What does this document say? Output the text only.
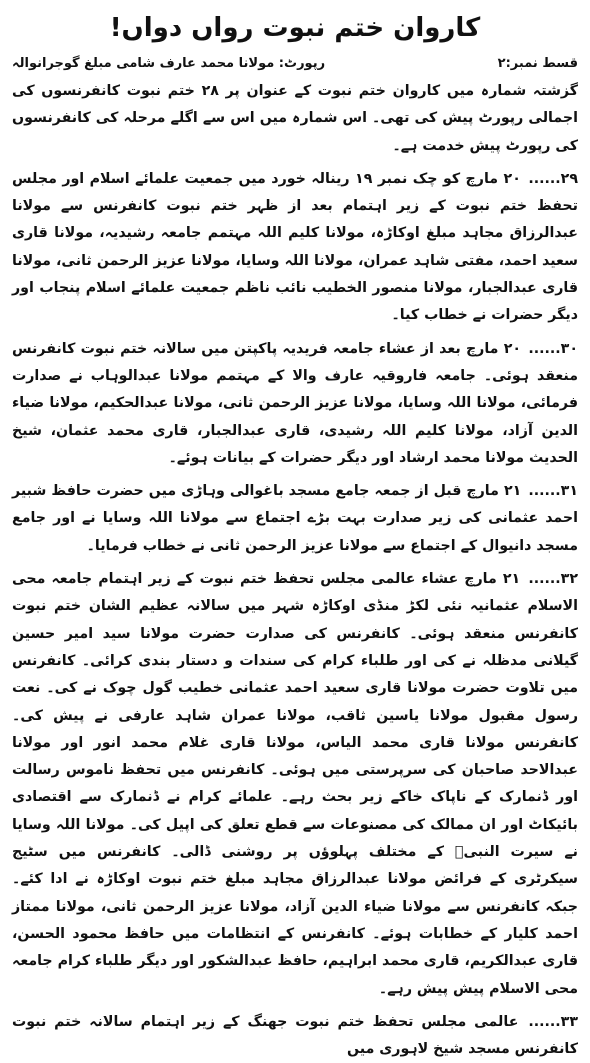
کاروان ختم نبوت رواں دواں!
قسط نمبر:۲
رپورٹ: مولانا محمد عارف شامی مبلغ گوجرانوالہ

گزشتہ شمارہ میں کاروان ختم نبوت کے عنوان پر ۲۸ ختم نبوت کانفرنسوں کی اجمالی رپورٹ پیش کی تھی۔ اس شمارہ میں اس سے اگلے مرحلہ کی کانفرنسوں کی رپورٹ پیش خدمت ہے۔

۲۹...... ۲۰ مارچ کو چک نمبر ۱۹ رینالہ خورد میں جمعیت علمائے اسلام اور مجلس تحفظ ختم نبوت کے زیر اہتمام بعد از ظہر ختم نبوت کانفرنس سے مولانا عبدالرزاق مجاہد مبلغ اوکاڑہ، مولانا کلیم اللہ مہتمم جامعہ رشیدیہ، مولانا قاری سعید احمد، مفتی شاہد عمران، مولانا اللہ وسایا، مولانا عزیز الرحمن ثانی، مولانا قاری عبدالجبار، مولانا منصور الخطیب نائب ناظم جمعیت علمائے اسلام پنجاب اور دیگر حضرات نے خطاب کیا۔

۳۰...... ۲۰ مارچ بعد از عشاء جامعہ فریدیہ پاکپتن میں سالانہ ختم نبوت کانفرنس منعقد ہوئی۔ جامعہ فاروقیہ عارف والا کے مہتمم مولانا عبدالوہاب نے صدارت فرمائی، مولانا اللہ وسایا، مولانا عزیز الرحمن ثانی، مولانا عبدالحکیم، مولانا ضیاء الدین آزاد، مولانا کلیم اللہ رشیدی، قاری عبدالجبار، قاری محمد عثمان، شیخ الحدیث مولانا محمد ارشاد اور دیگر حضرات کے بیانات ہوئے۔

۳۱...... ۲۱ مارچ قبل از جمعہ جامع مسجد باغوالی وہاڑی میں حضرت حافظ شبیر احمد عثمانی کی زیر صدارت بہت بڑے اجتماع سے مولانا اللہ وسایا نے اور جامع مسجد دانیوال کے اجتماع سے مولانا عزیز الرحمن ثانی نے خطاب فرمایا۔

۳۲...... ۲۱ مارچ عشاء عالمی مجلس تحفظ ختم نبوت کے زیر اہتمام جامعہ محی الاسلام عثمانیہ نئی لکڑ منڈی اوکاڑہ شہر میں سالانہ عظیم الشان ختم نبوت کانفرنس منعقد ہوئی۔ کانفرنس کی صدارت حضرت مولانا سید امیر حسین گیلانی مدظلہ نے کی اور طلباء کرام کی سندات و دستار بندی کرائی۔ کانفرنس میں تلاوت حضرت مولانا قاری سعید احمد عثمانی خطیب گول چوک نے کی۔ نعت رسول مقبول مولانا یاسین ثاقب، مولانا عمران شاہد عارفی نے پیش کی۔ کانفرنس مولانا قاری محمد الیاس، مولانا قاری غلام محمد انور اور مولانا عبدالاحد صاحبان کی سرپرستی میں ہوئی۔ کانفرنس میں تحفظ ناموس رسالت اور ڈنمارک کے ناپاک خاکے زیر بحث رہے۔ علمائے کرام نے ڈنمارک سے اقتصادی بائیکاٹ اور ان ممالک کی مصنوعات سے قطع تعلق کی اپیل کی۔ مولانا اللہ وسایا نے سیرت النبیؐ کے مختلف پہلوؤں پر روشنی ڈالی۔ کانفرنس میں سٹیج سیکرٹری کے فرائض مولانا عبدالرزاق مجاہد مبلغ ختم نبوت اوکاڑہ نے ادا کئے۔ جبکہ کانفرنس سے مولانا ضیاء الدین آزاد، مولانا عزیز الرحمن ثانی، مولانا ممتاز احمد کلیار کے خطابات ہوئے۔ کانفرنس کے انتظامات میں حافظ محمود الحسن، قاری عبدالکریم، قاری محمد ابراہیم، حافظ عبدالشکور اور دیگر طلباء کرام جامعہ محی الاسلام پیش پیش رہے۔

۳۳...... عالمی مجلس تحفظ ختم نبوت جھنگ کے زیر اہتمام سالانہ ختم نبوت کانفرنس مسجد شیخ لاہوری میں
